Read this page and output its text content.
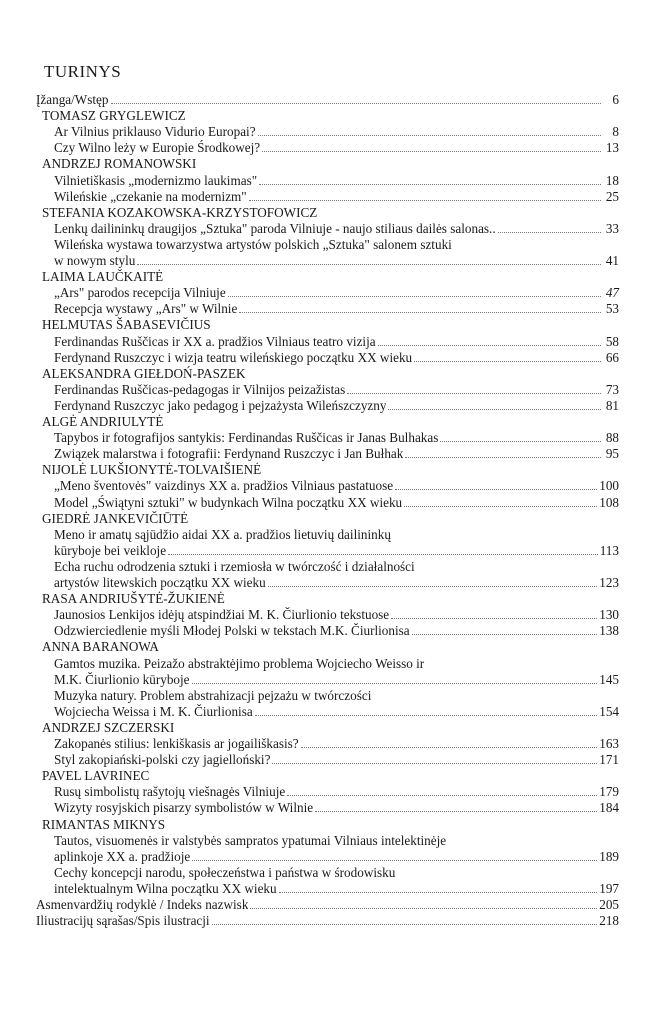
TURINYS
Įžanga/Wstęp	6
TOMASZ GRYGLEWICZ
Ar Vilnius priklauso Vidurio Europai?	8
Czy Wilno leży w Europie Środkowej?	13
ANDRZEJ ROMANOWSKI
Vilnietiškasis „modernizmo laukimas"	18
Wileńskie „czekanie na modernizm"	25
STEFANIA KOZAKOWSKA-KRZYSTOFOWICZ
Lenkų dailininkų draugijos „Sztuka" paroda Vilniuje - naujo stiliaus dailės salonas..	33
Wileńska wystawa towarzystwa artystów polskich „Sztuka" salonem sztuki
w nowym stylu	41
LAIMA LAUČKAITĖ
„Ars" parodos recepcija Vilniuje	47
Recepcja wystawy „Ars" w Wilnie	53
HELMUTAS ŠABASEVIČIUS
Ferdinandas Ruščicas ir XX a. pradžios Vilniaus teatro vizija	58
Ferdynand Ruszczyc i wizja teatru wileńskiego początku XX wieku	66
ALEKSANDRA GIEŁDOŃ-PASZEK
Ferdinandas Ruščicas-pedagogas ir Vilnijos peizažistas	73
Ferdynand Ruszczyc jako pedagog i pejzażysta Wileńszczyzny	81
ALGĖ ANDRIULYTĖ
Tapybos ir fotografijos santykis: Ferdinandas Ruščicas ir Janas Bulhakas	88
Związek malarstwa i fotografii: Ferdynand Ruszczyc i Jan Bułhak	95
NIJOLĖ LUKŠIONYTĖ-TOLVAIŠIENĖ
„Meno šventovės" vaizdinys XX a. pradžios Vilniaus pastatuose	100
Model „Świątyni sztuki" w budynkach Wilna początku XX wieku	108
GIEDRĖ JANKEVIČIŪTĖ
Meno ir amatų sąjūdžio aidai XX a. pradžios lietuvių dailininkų
kūryboje bei veikloje	113
Echa ruchu odrodzenia sztuki i rzemiosła w twórczość i działalności
artystów litewskich początku XX wieku	123
RASA ANDRIUŠYTĖ-ŽUKIENĖ
Jaunosios Lenkijos idėjų atspindžiai M. K. Čiurlionio tekstuose	130
Odzwierciedlenie myśli Młodej Polski w tekstach M.K. Čiurlionisa	138
ANNA BARANOWA
Gamtos muzika. Peizažo abstraktėjimo problema Wojciecho Weisso ir
M.K. Čiurlionio kūryboje	145
Muzyka natury. Problem abstrahizacji pejzażu w twórczości
Wojciecha Weissa i M. K. Čiurlionisa	154
ANDRZEJ SZCZERSKI
Zakopanės stilius: lenkiškasis ar jogailiškasis?	163
Styl zakopiański-polski czy jagielloński?	171
PAVEL LAVRINEC
Rusų simbolistų rašytojų viešnagės Vilniuje	179
Wizyty rosyjskich pisarzy symbolistów w Wilnie	184
RIMANTAS MIKNYS
Tautos, visuomenės ir valstybės sampratos ypatumai Vilniaus intelektinėje
aplinkoje XX a. pradžioje	189
Cechy koncepcji narodu, społeczeństwa i państwa w środowisku
intelektualnym Wilna początku XX wieku	197
Asmenvardžių rodyklė / Indeks nazwisk	205
Iliustracijų sąrašas/Spis ilustracji	218
